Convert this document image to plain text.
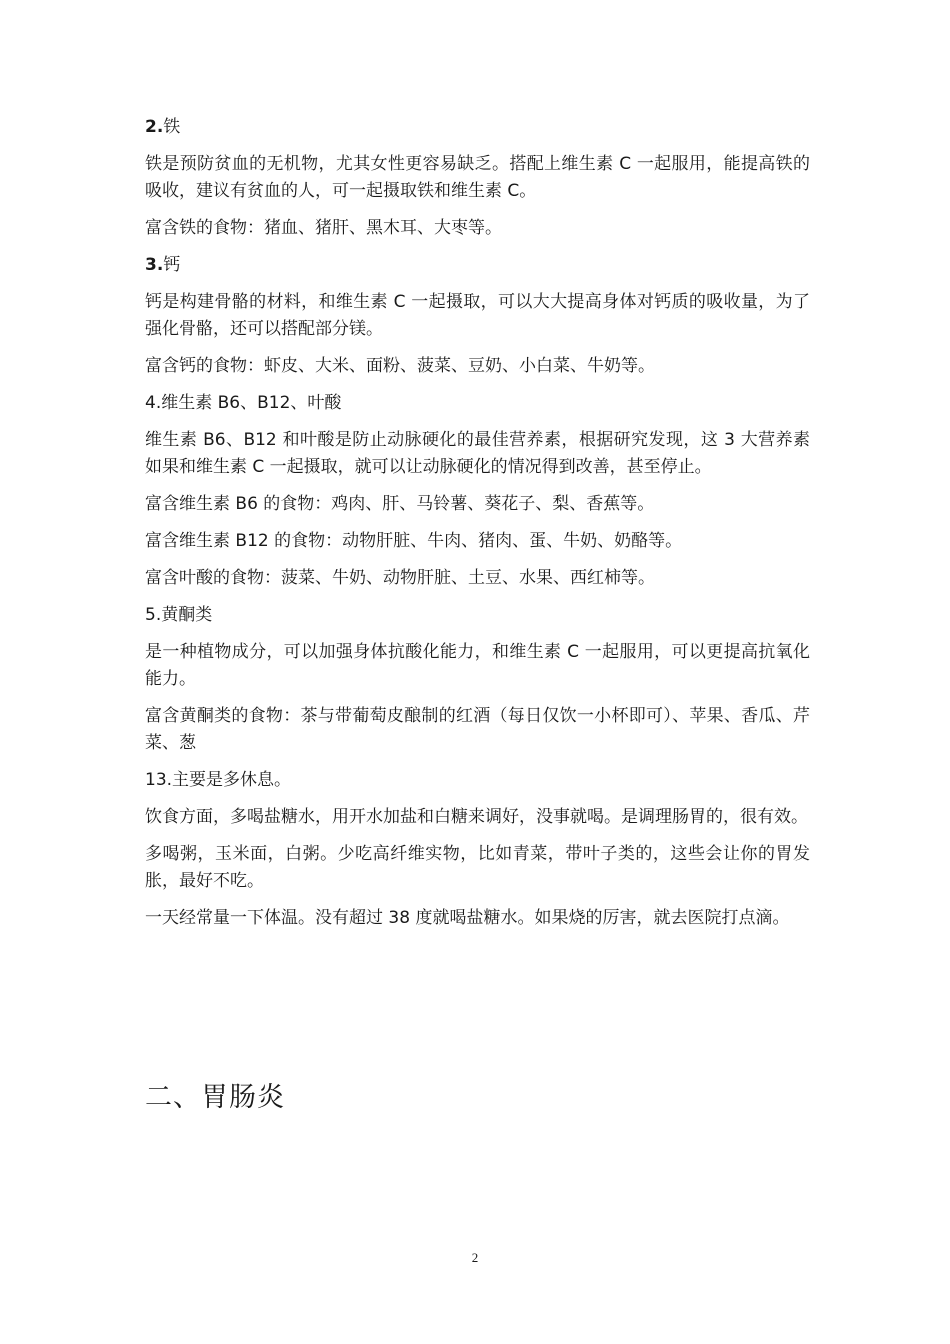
2.铁

铁是预防贫血的无机物，尤其女性更容易缺乏。搭配上维生素 C 一起服用，能提高铁的吸收，建议有贫血的人，可一起摄取铁和维生素 C。

富含铁的食物：猪血、猪肝、黑木耳、大枣等。

3.钙

钙是构建骨骼的材料，和维生素 C 一起摄取，可以大大提高身体对钙质的吸收量，为了强化骨骼，还可以搭配部分镁。

富含钙的食物：虾皮、大米、面粉、菠菜、豆奶、小白菜、牛奶等。

4.维生素 B6、B12、叶酸

维生素 B6、B12 和叶酸是防止动脉硬化的最佳营养素，根据研究发现，这 3 大营养素如果和维生素 C 一起摄取，就可以让动脉硬化的情况得到改善，甚至停止。

富含维生素 B6 的食物：鸡肉、肝、马铃薯、葵花子、梨、香蕉等。

富含维生素 B12 的食物：动物肝脏、牛肉、猪肉、蛋、牛奶、奶酪等。

富含叶酸的食物：菠菜、牛奶、动物肝脏、土豆、水果、西红柿等。

5.黄酮类

是一种植物成分，可以加强身体抗酸化能力，和维生素 C 一起服用，可以更提高抗氧化能力。

富含黄酮类的食物：茶与带葡萄皮酿制的红酒（每日仅饮一小杯即可）、苹果、香瓜、芹菜、葱

13.主要是多休息。

饮食方面，多喝盐糖水，用开水加盐和白糖来调好，没事就喝。是调理肠胃的，很有效。

多喝粥，玉米面，白粥。少吃高纤维实物，比如青菜，带叶子类的，这些会让你的胃发胀，最好不吃。

一天经常量一下体温。没有超过 38 度就喝盐糖水。如果烧的厉害，就去医院打点滴。

二、胃肠炎
2
